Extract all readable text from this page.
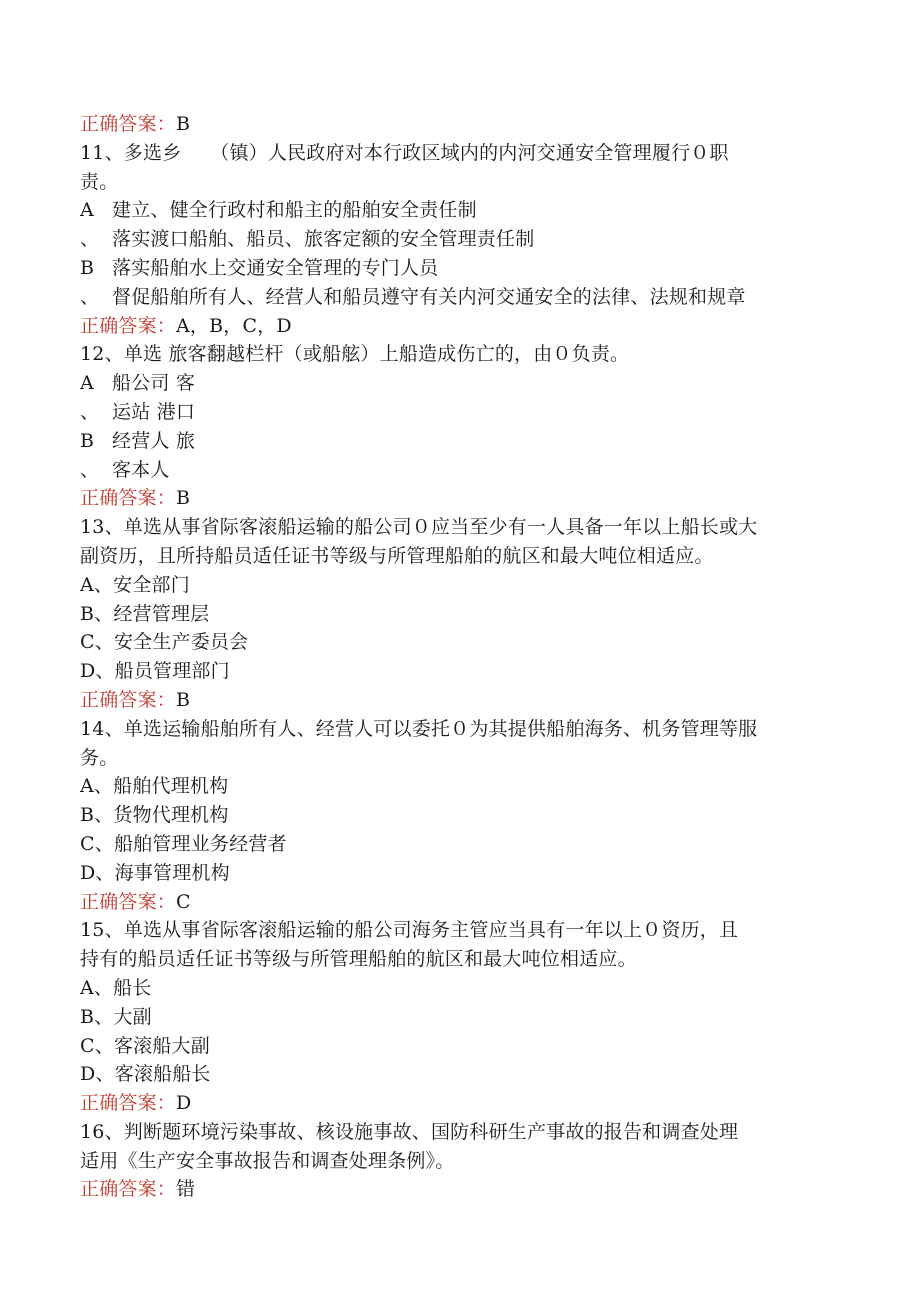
正确答案：B
11、多选乡　　（镇）人民政府对本行政区域内的内河交通安全管理履行０职
责。
A 建立、健全行政村和船主的船舶安全责任制
、 落实渡口船舶、船员、旅客定额的安全管理责任制
B 落实船舶水上交通安全管理的专门人员
、 督促船舶所有人、经营人和船员遵守有关内河交通安全的法律、法规和规章
正确答案：A，B，C，D
12、单选 旅客翻越栏杆（或船舷）上船造成伤亡的，由０负责。
A 船公司 客
、 运站 港口
B 经营人 旅
、 客本人
正确答案：B
13、单选从事省际客滚船运输的船公司０应当至少有一人具备一年以上船长或大
副资历，且所持船员适任证书等级与所管理船舶的航区和最大吨位相适应。
A、安全部门
B、经营管理层
C、安全生产委员会
D、船员管理部门
正确答案：B
14、单选运输船舶所有人、经营人可以委托０为其提供船舶海务、机务管理等服
务。
A、船舶代理机构
B、货物代理机构
C、船舶管理业务经营者
D、海事管理机构
正确答案：C
15、单选从事省际客滚船运输的船公司海务主管应当具有一年以上０资历，且
持有的船员适任证书等级与所管理船舶的航区和最大吨位相适应。
A、船长
B、大副
C、客滚船大副
D、客滚船船长
正确答案：D
16、判断题环境污染事故、核设施事故、国防科研生产事故的报告和调查处理
适用《生产安全事故报告和调查处理条例》。
正确答案：错
